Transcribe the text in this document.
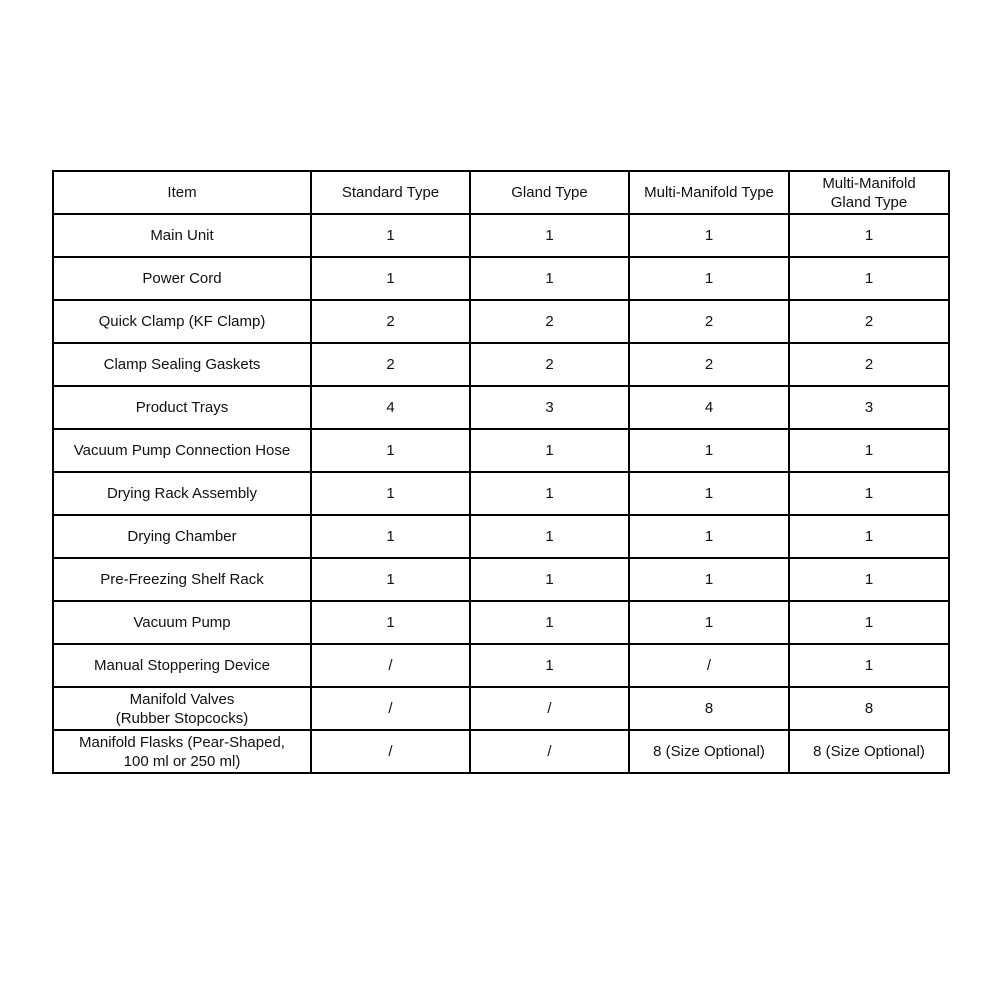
Item	Standard Type	Gland Type	Multi-Manifold Type	Multi-Manifold
Gland Type
Main Unit	1	1	1	1
Power Cord	1	1	1	1
Quick Clamp (KF Clamp)	2	2	2	2
Clamp Sealing Gaskets	2	2	2	2
Product Trays	4	3	4	3
Vacuum Pump Connection Hose	1	1	1	1
Drying Rack Assembly	1	1	1	1
Drying Chamber	1	1	1	1
Pre-Freezing Shelf Rack	1	1	1	1
Vacuum Pump	1	1	1	1
Manual Stoppering Device	/	1	/	1
Manifold Valves
(Rubber Stopcocks)	/	/	8	8
Manifold Flasks (Pear-Shaped,
100 ml or 250 ml)	/	/	8 (Size Optional)	8 (Size Optional)
